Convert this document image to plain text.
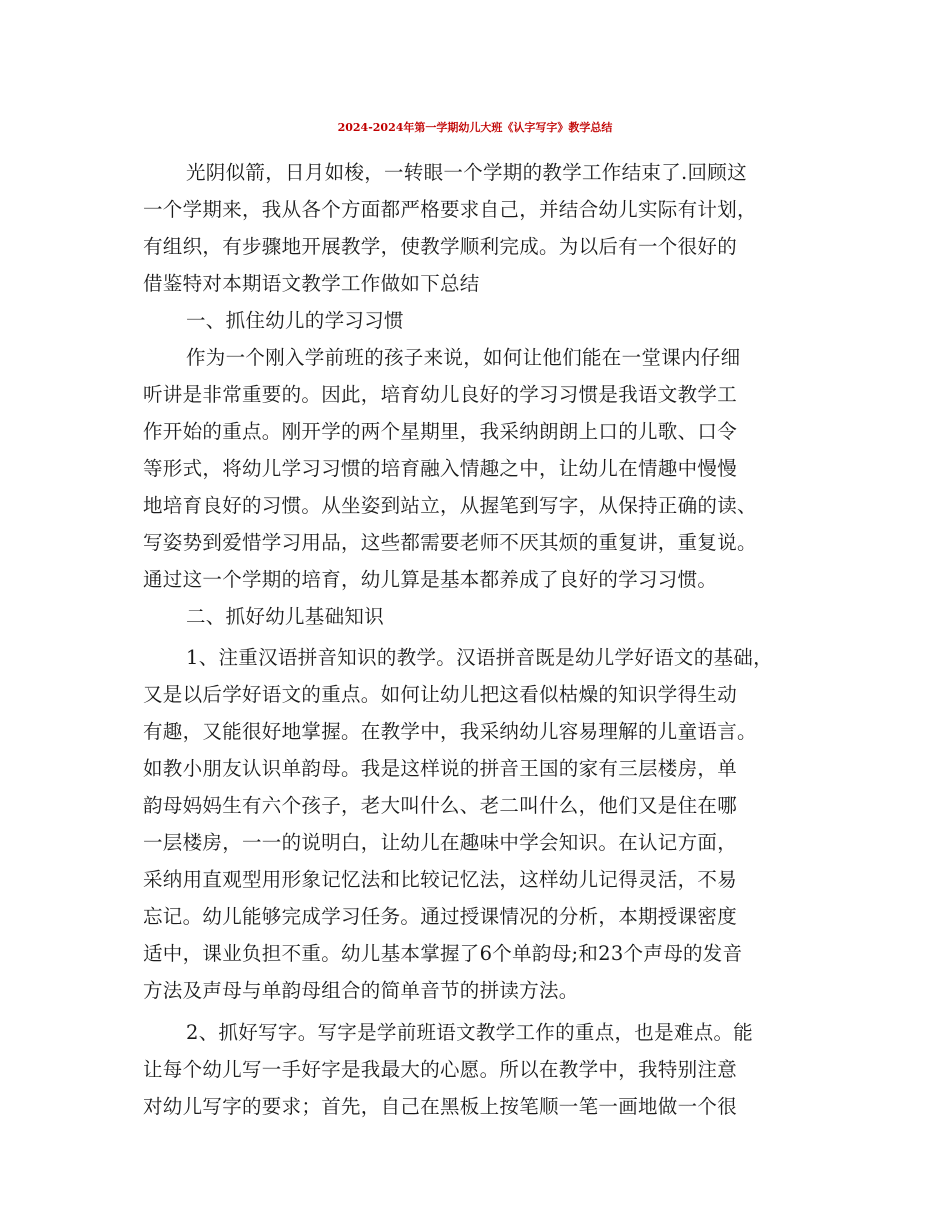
2024-2024年第一学期幼儿大班《认字写字》教学总结
光阴似箭，日月如梭，一转眼一个学期的教学工作结束了.回顾这
一个学期来，我从各个方面都严格要求自己，并结合幼儿实际有计划，
有组织，有步骤地开展教学，使教学顺利完成。为以后有一个很好的
借鉴特对本期语文教学工作做如下总结
一、抓住幼儿的学习习惯
作为一个刚入学前班的孩子来说，如何让他们能在一堂课内仔细
听讲是非常重要的。因此，培育幼儿良好的学习习惯是我语文教学工
作开始的重点。刚开学的两个星期里，我采纳朗朗上口的儿歌、口令
等形式，将幼儿学习习惯的培育融入情趣之中，让幼儿在情趣中慢慢
地培育良好的习惯。从坐姿到站立，从握笔到写字，从保持正确的读、
写姿势到爱惜学习用品，这些都需要老师不厌其烦的重复讲，重复说。
通过这一个学期的培育，幼儿算是基本都养成了良好的学习习惯。
二、抓好幼儿基础知识
1、注重汉语拼音知识的教学。汉语拼音既是幼儿学好语文的基础，
又是以后学好语文的重点。如何让幼儿把这看似枯燥的知识学得生动
有趣，又能很好地掌握。在教学中，我采纳幼儿容易理解的儿童语言。
如教小朋友认识单韵母。我是这样说的拼音王国的家有三层楼房，单
韵母妈妈生有六个孩子，老大叫什么、老二叫什么，他们又是住在哪
一层楼房，一一的说明白，让幼儿在趣味中学会知识。在认记方面，
采纳用直观型用形象记忆法和比较记忆法，这样幼儿记得灵活，不易
忘记。幼儿能够完成学习任务。通过授课情况的分析，本期授课密度
适中，课业负担不重。幼儿基本掌握了6个单韵母;和23个声母的发音
方法及声母与单韵母组合的简单音节的拼读方法。
2、抓好写字。写字是学前班语文教学工作的重点，也是难点。能
让每个幼儿写一手好字是我最大的心愿。所以在教学中，我特别注意
对幼儿写字的要求；首先，自己在黑板上按笔顺一笔一画地做一个很
